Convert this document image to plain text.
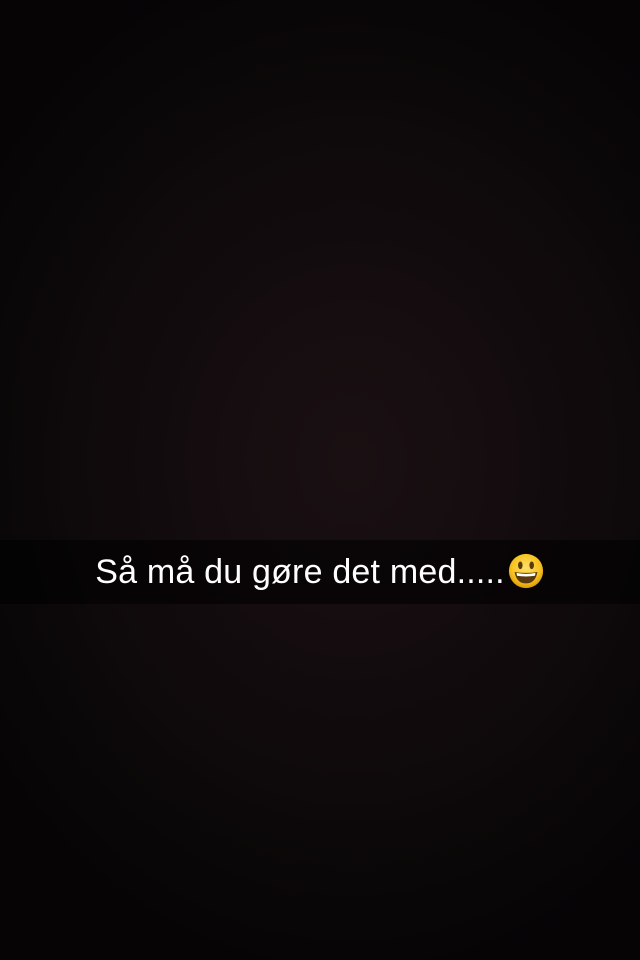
Så må du gøre det med.....
